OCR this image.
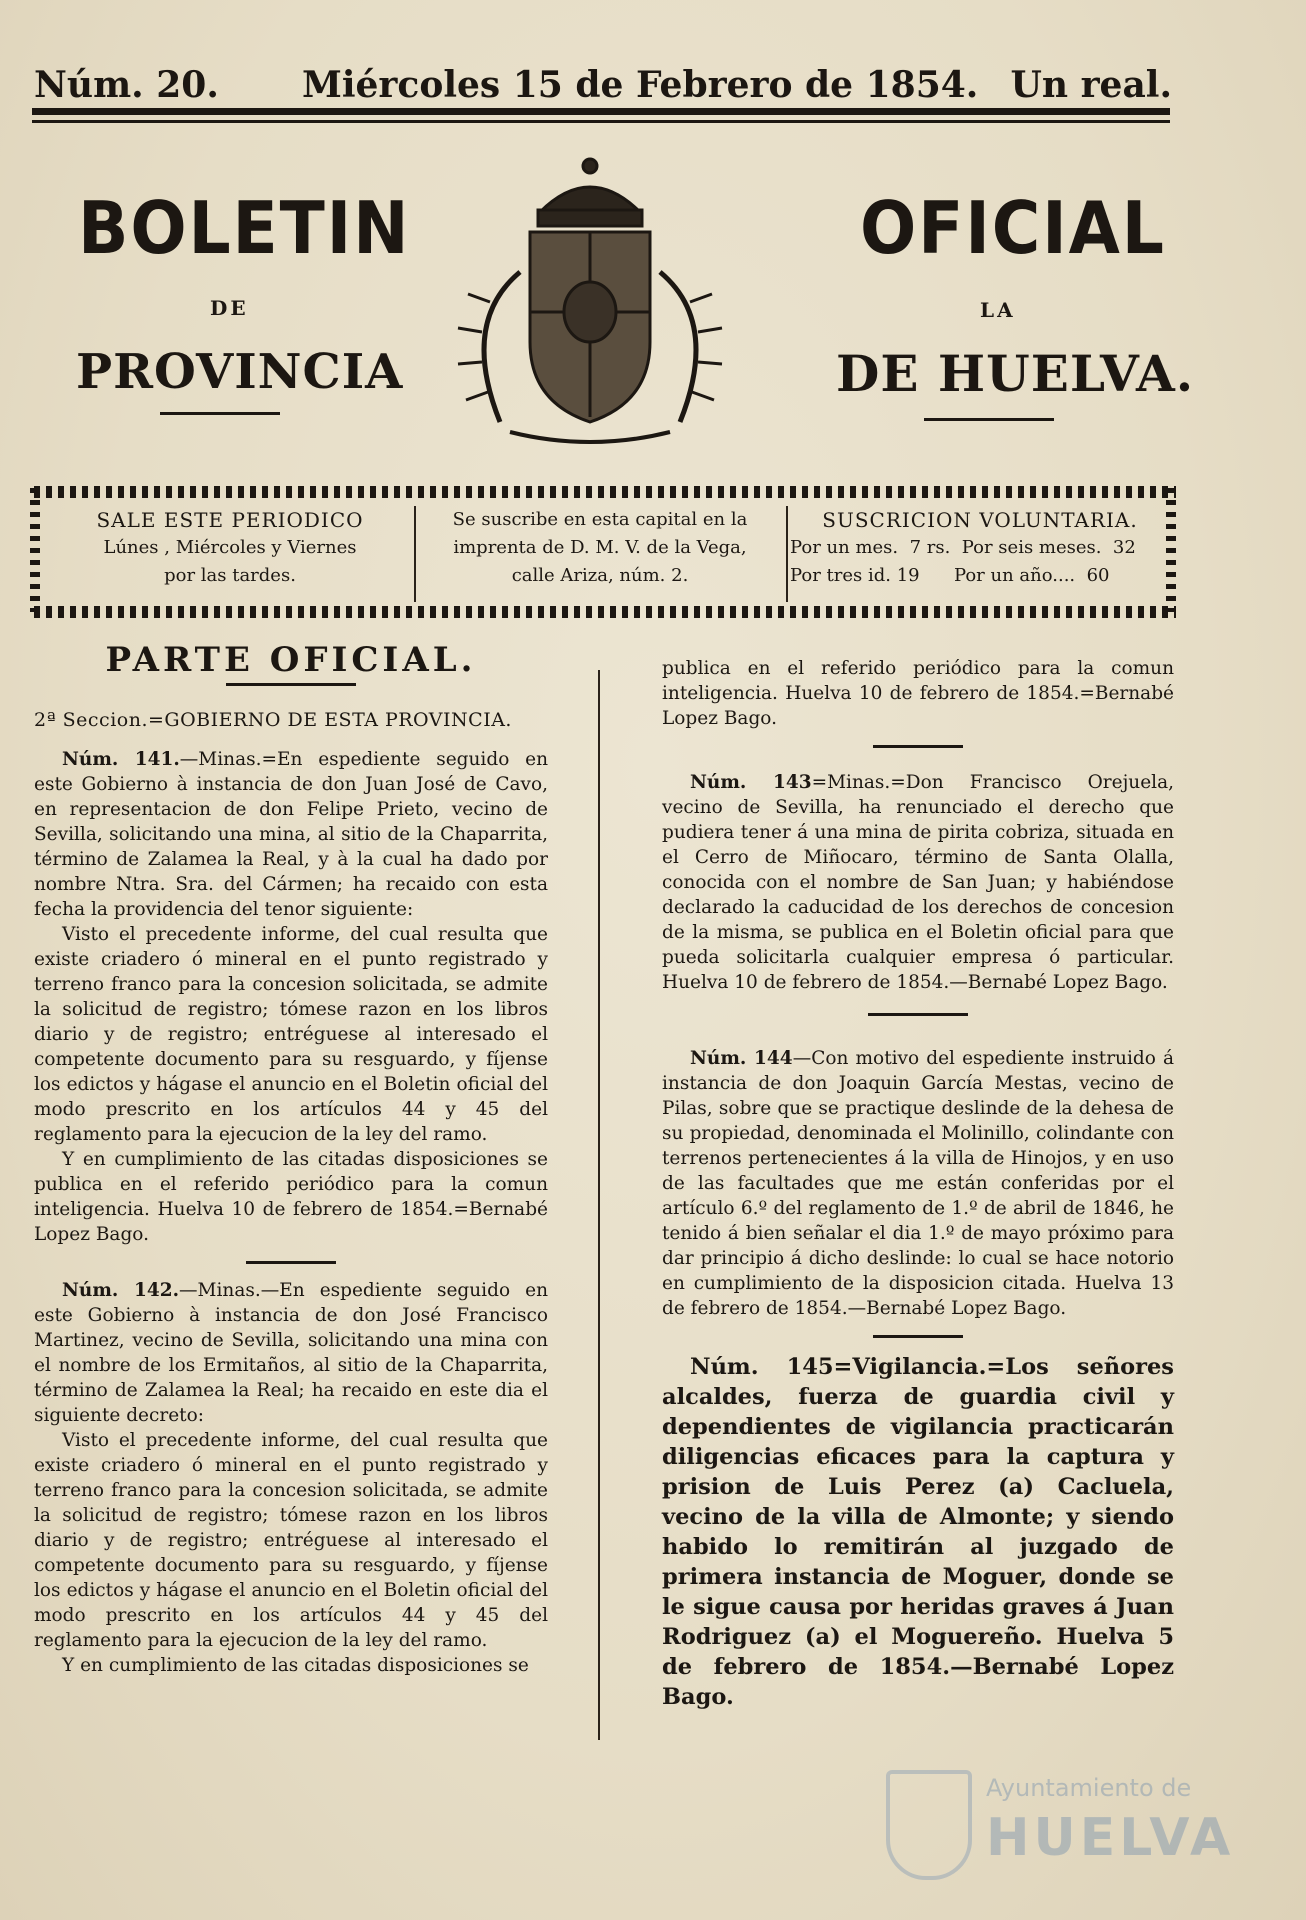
Núm. 20. Miércoles 15 de Febrero de 1854. Un real.
BOLETIN	OFICIAL
DE	LA
PROVINCIA	DE HUELVA.
SALE ESTE PERIODICO
Lúnes , Miércoles y Viernes
por las tardes.
Se suscribe en esta capital en la
imprenta de D. M. V. de la Vega,
calle Ariza, núm. 2.
SUSCRICION VOLUNTARIA.
Por un mes.  7 rs.  Por seis meses.  32
Por tres id. 19      Por un año....  60
PARTE OFICIAL.
2ª Seccion.=GOBIERNO DE ESTA PROVINCIA.

Núm. 141.—Minas.=En espediente seguido en este Gobierno à instancia de don Juan José de Cavo, en representacion de don Felipe Prieto, vecino de Sevilla, solicitando una mina, al sitio de la Chaparrita, término de Zalamea la Real, y à la cual ha dado por nombre Ntra. Sra. del Cármen; ha recaido con esta fecha la providencia del tenor siguiente:

Visto el precedente informe, del cual resulta que existe criadero ó mineral en el punto registrado y terreno franco para la concesion solicitada, se admite la solicitud de registro; tómese razon en los libros diario y de registro; entréguese al interesado el competente documento para su resguardo, y fíjense los edictos y hágase el anuncio en el Boletin oficial del modo prescrito en los artículos 44 y 45 del reglamento para la ejecucion de la ley del ramo.

Y en cumplimiento de las citadas disposiciones se publica en el referido periódico para la comun inteligencia. Huelva 10 de febrero de 1854.=Bernabé Lopez Bago.

Núm. 142.—Minas.—En espediente seguido en este Gobierno à instancia de don José Francisco Martinez, vecino de Sevilla, solicitando una mina con el nombre de los Ermitaños, al sitio de la Chaparrita, término de Zalamea la Real; ha recaido en este dia el siguiente decreto:

Visto el precedente informe, del cual resulta que existe criadero ó mineral en el punto registrado y terreno franco para la concesion solicitada, se admite la solicitud de registro; tómese razon en los libros diario y de registro; entréguese al interesado el competente documento para su resguardo, y fíjense los edictos y hágase el anuncio en el Boletin oficial del modo prescrito en los artículos 44 y 45 del reglamento para la ejecucion de la ley del ramo.

Y en cumplimiento de las citadas disposiciones se

publica en el referido periódico para la comun inteligencia. Huelva 10 de febrero de 1854.=Bernabé Lopez Bago.

Núm. 143=Minas.=Don Francisco Orejuela, vecino de Sevilla, ha renunciado el derecho que pudiera tener á una mina de pirita cobriza, situada en el Cerro de Miñocaro, término de Santa Olalla, conocida con el nombre de San Juan; y habiéndose declarado la caducidad de los derechos de concesion de la misma, se publica en el Boletin oficial para que pueda solicitarla cualquier empresa ó particular. Huelva 10 de febrero de 1854.—Bernabé Lopez Bago.

Núm. 144—Con motivo del espediente instruido á instancia de don Joaquin García Mestas, vecino de Pilas, sobre que se practique deslinde de la dehesa de su propiedad, denominada el Molinillo, colindante con terrenos pertenecientes á la villa de Hinojos, y en uso de las facultades que me están conferidas por el artículo 6.º del reglamento de 1.º de abril de 1846, he tenido á bien señalar el dia 1.º de mayo próximo para dar principio á dicho deslinde: lo cual se hace notorio en cumplimiento de la disposicion citada. Huelva 13 de febrero de 1854.—Bernabé Lopez Bago.

Núm. 145=Vigilancia.=Los señores alcaldes, fuerza de guardia civil y dependientes de vigilancia practicarán diligencias eficaces para la captura y prision de Luis Perez (a) Cacluela, vecino de la villa de Almonte; y siendo habido lo remitirán al juzgado de primera instancia de Moguer, donde se le sigue causa por heridas graves á Juan Rodriguez (a) el Moguereño. Huelva 5 de febrero de 1854.—Bernabé Lopez Bago.

Ayuntamiento de
HUELVA
